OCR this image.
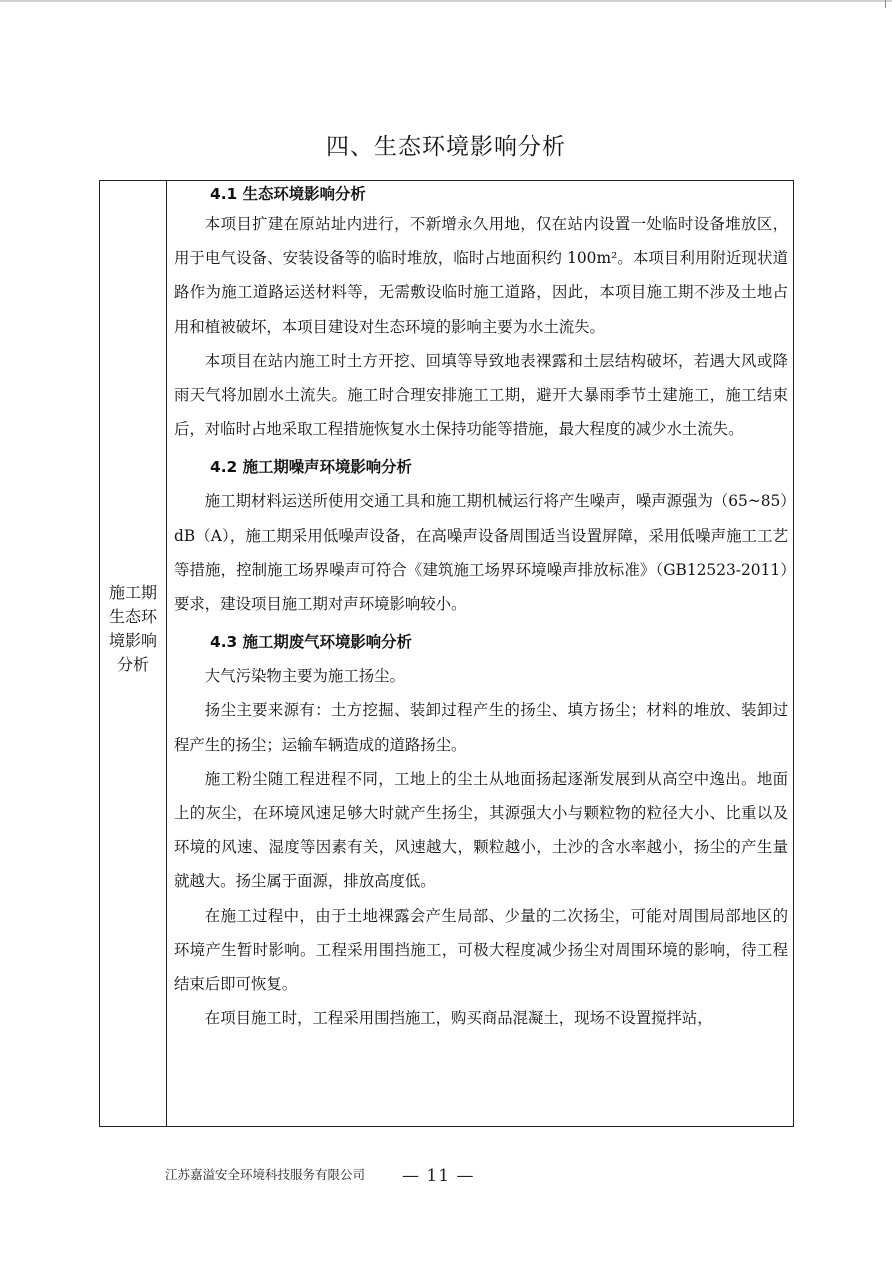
四、生态环境影响分析
施工期
生态环
境影响
分析
4.1 生态环境影响分析

本项目扩建在原站址内进行，不新增永久用地，仅在站内设置一处临时设备堆放区，用于电气设备、安装设备等的临时堆放，临时占地面积约 100m²。本项目利用附近现状道路作为施工道路运送材料等，无需敷设临时施工道路，因此，本项目施工期不涉及土地占用和植被破坏，本项目建设对生态环境的影响主要为水土流失。

本项目在站内施工时土方开挖、回填等导致地表裸露和土层结构破坏，若遇大风或降雨天气将加剧水土流失。施工时合理安排施工工期，避开大暴雨季节土建施工，施工结束后，对临时占地采取工程措施恢复水土保持功能等措施，最大程度的减少水土流失。

4.2 施工期噪声环境影响分析

施工期材料运送所使用交通工具和施工期机械运行将产生噪声，噪声源强为（65~85）dB（A），施工期采用低噪声设备，在高噪声设备周围适当设置屏障，采用低噪声施工工艺等措施，控制施工场界噪声可符合《建筑施工场界环境噪声排放标准》（GB12523-2011）要求，建设项目施工期对声环境影响较小。

4.3 施工期废气环境影响分析

大气污染物主要为施工扬尘。

扬尘主要来源有：土方挖掘、装卸过程产生的扬尘、填方扬尘；材料的堆放、装卸过程产生的扬尘；运输车辆造成的道路扬尘。

施工粉尘随工程进程不同，工地上的尘土从地面扬起逐渐发展到从高空中逸出。地面上的灰尘，在环境风速足够大时就产生扬尘，其源强大小与颗粒物的粒径大小、比重以及环境的风速、湿度等因素有关，风速越大，颗粒越小，土沙的含水率越小，扬尘的产生量就越大。扬尘属于面源，排放高度低。

在施工过程中，由于土地裸露会产生局部、少量的二次扬尘，可能对周围局部地区的环境产生暂时影响。工程采用围挡施工，可极大程度减少扬尘对周围环境的影响，待工程结束后即可恢复。

在项目施工时，工程采用围挡施工，购买商品混凝土，现场不设置搅拌站，

江苏嘉溢安全环境科技服务有限公司 — 11 —
